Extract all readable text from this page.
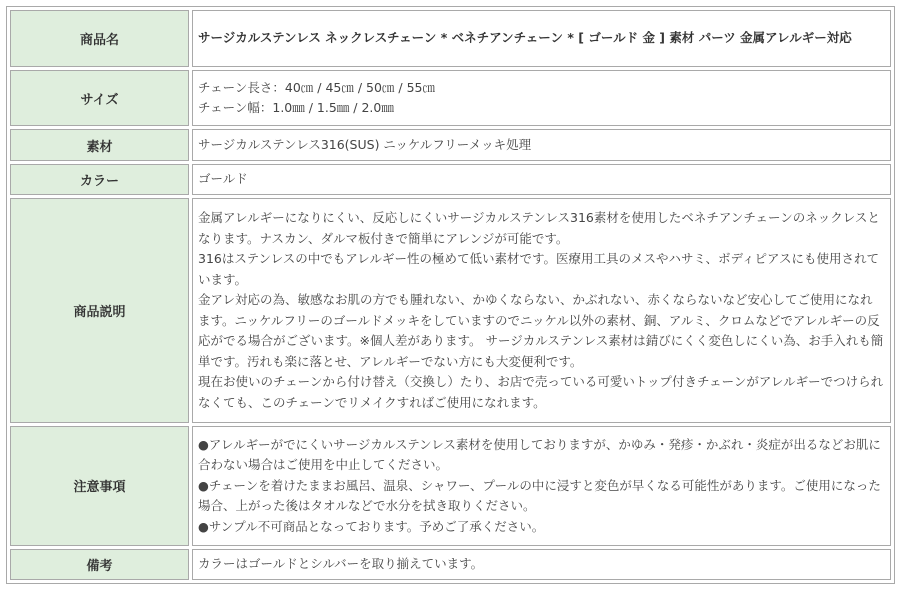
商品名	サージカルステンレス ネックレスチェーン * ベネチアンチェーン * [ ゴールド 金 ] 素材 パーツ 金属アレルギー対応
サイズ	チェーン長さ：40㎝ / 45㎝ / 50㎝ / 55㎝
チェーン幅：1.0㎜ / 1.5㎜ / 2.0㎜

素材	サージカルステンレス316(SUS) ニッケルフリーメッキ処理
カラー	ゴールド
商品説明	金属アレルギーになりにくい、反応しにくいサージカルステンレス316素材を使用したベネチアンチェーンのネックレスとなります。ナスカン、ダルマ板付きで簡単にアレンジが可能です。
316はステンレスの中でもアレルギー性の極めて低い素材です。医療用工具のメスやハサミ、ボディピアスにも使用されています。
金アレ対応の為、敏感なお肌の方でも腫れない、かゆくならない、かぶれない、赤くならないなど安心してご使用になれます。ニッケルフリーのゴールドメッキをしていますのでニッケル以外の素材、銅、アルミ、クロムなどでアレルギーの反応がでる場合がございます。※個人差があります。 サージカルステンレス素材は錆びにくく変色しにくい為、お手入れも簡単です。汚れも楽に落とせ、アレルギーでない方にも大変便利です。
現在お使いのチェーンから付け替え（交換し）たり、お店で売っている可愛いトップ付きチェーンがアレルギーでつけられなくても、このチェーンでリメイクすればご使用になれます。

注意事項	●アレルギーがでにくいサージカルステンレス素材を使用しておりますが、かゆみ・発疹・かぶれ・炎症が出るなどお肌に合わない場合はご使用を中止してください。
●チェーンを着けたままお風呂、温泉、シャワー、プールの中に浸すと変色が早くなる可能性があります。ご使用になった場合、上がった後はタオルなどで水分を拭き取りください。
●サンプル不可商品となっております。予めご了承ください。

備考	カラーはゴールドとシルバーを取り揃えています。
